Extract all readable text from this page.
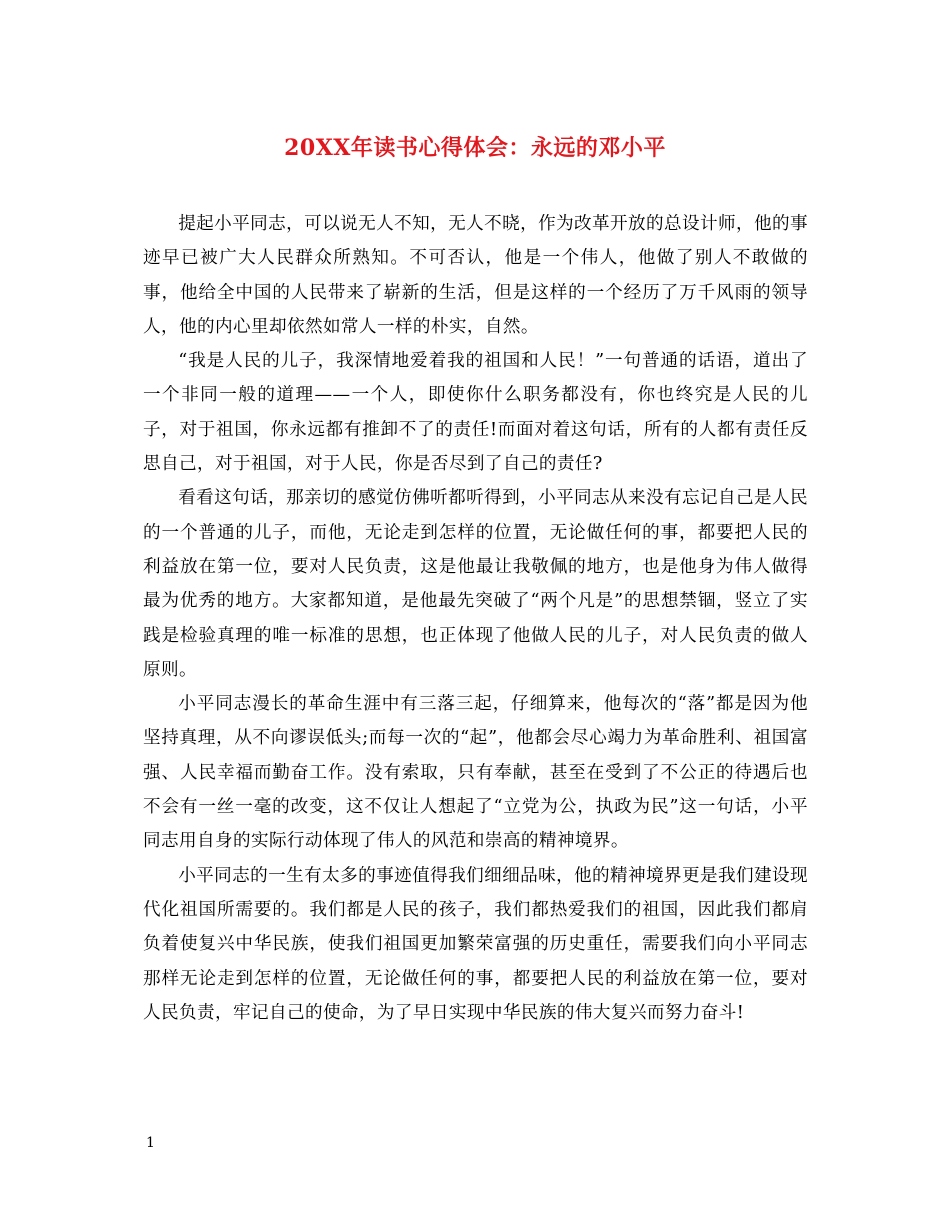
20XX年读书心得体会：永远的邓小平

提起小平同志，可以说无人不知，无人不晓，作为改革开放的总设计师，他的事迹早已被广大人民群众所熟知。不可否认，他是一个伟人，他做了别人不敢做的事，他给全中国的人民带来了崭新的生活，但是这样的一个经历了万千风雨的领导人，他的内心里却依然如常人一样的朴实，自然。

“我是人民的儿子，我深情地爱着我的祖国和人民！”一句普通的话语，道出了一个非同一般的道理——一个人，即使你什么职务都没有，你也终究是人民的儿子，对于祖国，你永远都有推卸不了的责任!而面对着这句话，所有的人都有责任反思自己，对于祖国，对于人民，你是否尽到了自己的责任?

看看这句话，那亲切的感觉仿佛听都听得到，小平同志从来没有忘记自己是人民的一个普通的儿子，而他，无论走到怎样的位置，无论做任何的事，都要把人民的利益放在第一位，要对人民负责，这是他最让我敬佩的地方，也是他身为伟人做得最为优秀的地方。大家都知道，是他最先突破了“两个凡是”的思想禁锢，竖立了实践是检验真理的唯一标准的思想，也正体现了他做人民的儿子，对人民负责的做人原则。

小平同志漫长的革命生涯中有三落三起，仔细算来，他每次的“落”都是因为他坚持真理，从不向谬误低头;而每一次的“起”，他都会尽心竭力为革命胜利、祖国富强、人民幸福而勤奋工作。没有索取，只有奉献，甚至在受到了不公正的待遇后也不会有一丝一毫的改变，这不仅让人想起了“立党为公，执政为民”这一句话，小平同志用自身的实际行动体现了伟人的风范和崇高的精神境界。

小平同志的一生有太多的事迹值得我们细细品味，他的精神境界更是我们建设现代化祖国所需要的。我们都是人民的孩子，我们都热爱我们的祖国，因此我们都肩负着使复兴中华民族，使我们祖国更加繁荣富强的历史重任，需要我们向小平同志那样无论走到怎样的位置，无论做任何的事，都要把人民的利益放在第一位，要对人民负责，牢记自己的使命，为了早日实现中华民族的伟大复兴而努力奋斗!

1
